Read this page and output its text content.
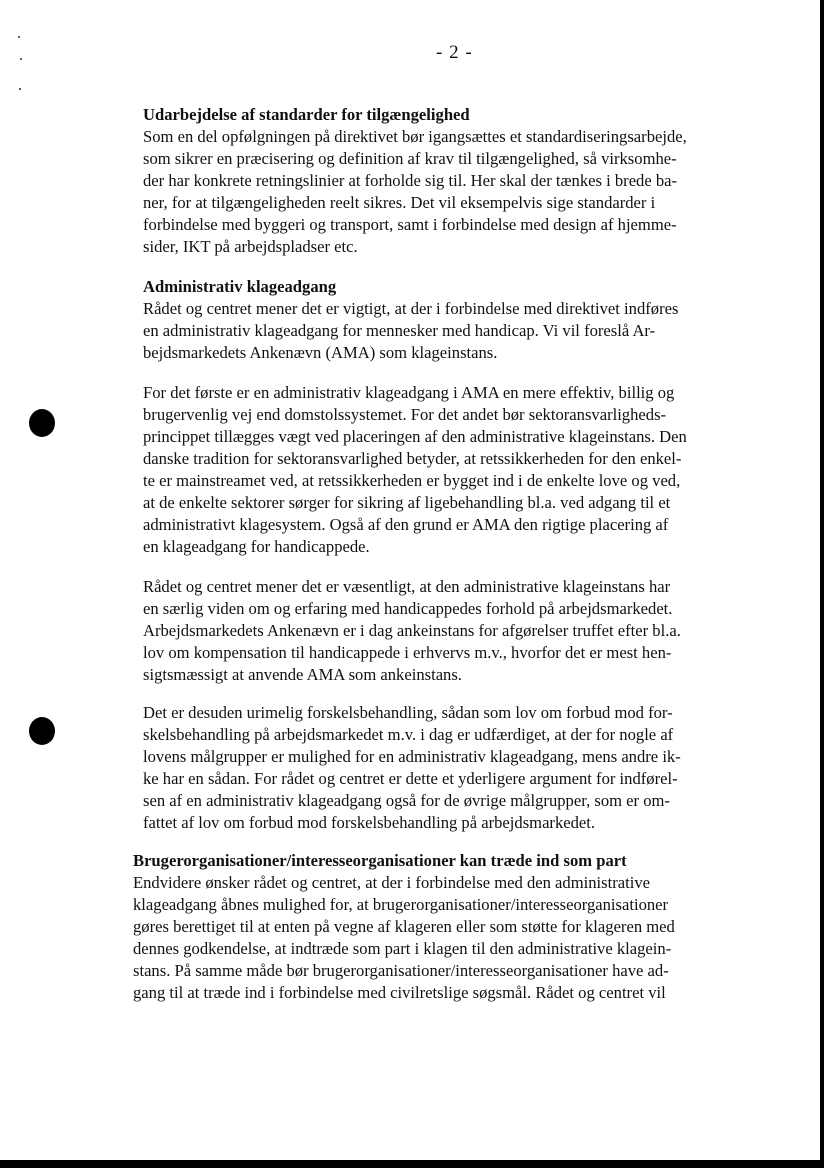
- 2 -
Udarbejdelse af standarder for tilgængelighed
Som en del opfølgningen på direktivet bør igangsættes et standardiseringsarbejde,
som sikrer en præcisering og definition af krav til tilgængelighed, så virksomhe-
der har konkrete retningslinier at forholde sig til. Her skal der tænkes i brede ba-
ner, for at tilgængeligheden reelt sikres. Det vil eksempelvis sige standarder i
forbindelse med byggeri og transport, samt i forbindelse med design af hjemme-
sider, IKT på arbejdspladser etc.
Administrativ klageadgang
Rådet og centret mener det er vigtigt, at der i forbindelse med direktivet indføres
en administrativ klageadgang for mennesker med handicap. Vi vil foreslå Ar-
bejdsmarkedets Ankenævn (AMA) som klageinstans.
For det første er en administrativ klageadgang i AMA en mere effektiv, billig og
brugervenlig vej end domstolssystemet. For det andet bør sektoransvarligheds-
princippet tillægges vægt ved placeringen af den administrative klageinstans. Den
danske tradition for sektoransvarlighed betyder, at retssikkerheden for den enkel-
te er mainstreamet ved, at retssikkerheden er bygget ind i de enkelte love og ved,
at de enkelte sektorer sørger for sikring af ligebehandling bl.a. ved adgang til et
administrativt klagesystem. Også af den grund er AMA den rigtige placering af
en klageadgang for handicappede.
Rådet og centret mener det er væsentligt, at den administrative klageinstans har
en særlig viden om og erfaring med handicappedes forhold på arbejdsmarkedet.
Arbejdsmarkedets Ankenævn er i dag ankeinstans for afgørelser truffet efter bl.a.
lov om kompensation til handicappede i erhvervs m.v., hvorfor det er mest hen-
sigtsmæssigt at anvende AMA som ankeinstans.
Det er desuden urimelig forskelsbehandling, sådan som lov om forbud mod for-
skelsbehandling på arbejdsmarkedet m.v. i dag er udfærdiget, at der for nogle af
lovens målgrupper er mulighed for en administrativ klageadgang, mens andre ik-
ke har en sådan. For rådet og centret er dette et yderligere argument for indførel-
sen af en administrativ klageadgang også for de øvrige målgrupper, som er om-
fattet af lov om forbud mod forskelsbehandling på arbejdsmarkedet.
Brugerorganisationer/interesseorganisationer kan træde ind som part
Endvidere ønsker rådet og centret, at der i forbindelse med den administrative
klageadgang åbnes mulighed for, at brugerorganisationer/interesseorganisationer
gøres berettiget til at enten på vegne af klageren eller som støtte for klageren med
dennes godkendelse, at indtræde som part i klagen til den administrative klagein-
stans. På samme måde bør brugerorganisationer/interesseorganisationer have ad-
gang til at træde ind i forbindelse med civilretslige søgsmål. Rådet og centret vil
